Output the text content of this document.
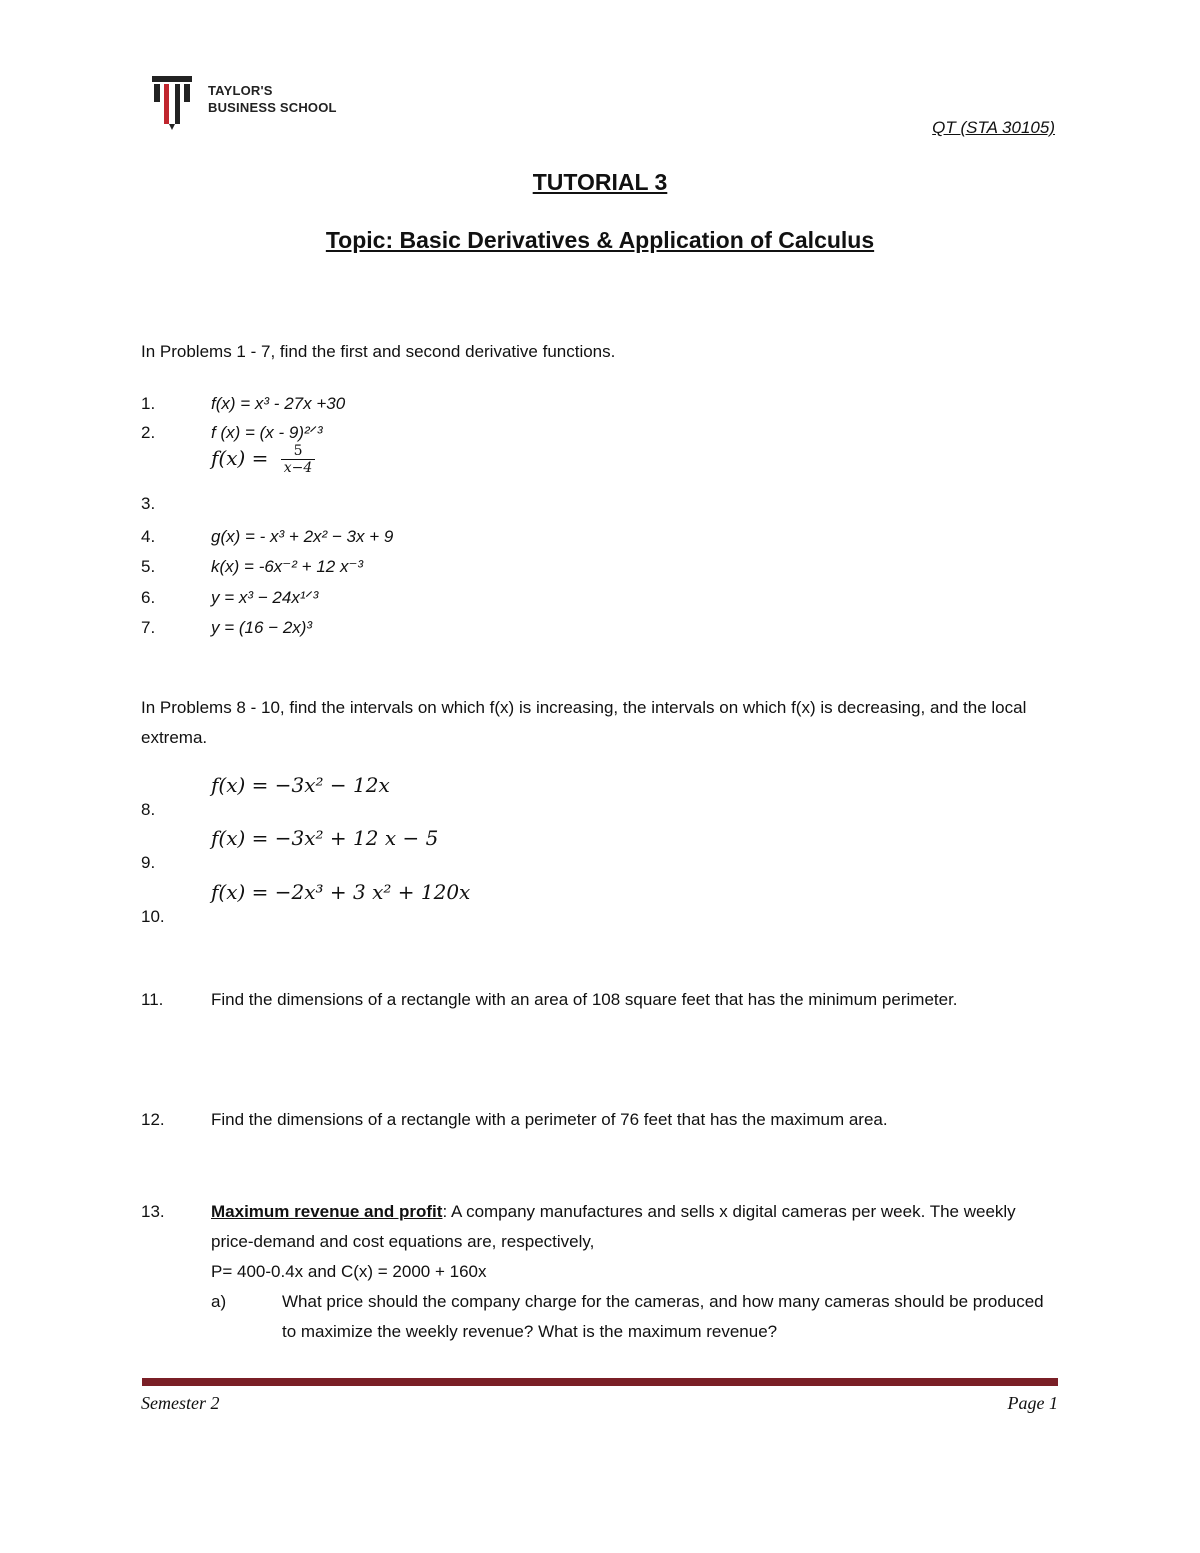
TAYLOR'S
BUSINESS SCHOOL
QT (STA 30105)
TUTORIAL 3
Topic: Basic Derivatives & Application of Calculus
In Problems 1 - 7, find the first and second derivative functions.
1.	f(x) = x³ - 27x +30
2.	f (x) = (x - 9)²ᐟ³
$f(x) = \frac{5}{x-4}$
3.
4.	g(x) = - x³ + 2x² − 3x + 9
5.	k(x) = -6x⁻² + 12 x⁻³
6.	y = x³ − 24x¹ᐟ³
7.	y = (16 − 2x)³
In Problems 8 - 10, find the intervals on which f(x) is increasing, the intervals on which f(x) is decreasing, and the local extrema.
f(x) = −3x² − 12x
8.
f(x) = −3x² + 12 x − 5
9.
f(x) = −2x³ + 3 x² + 120x
10.
11.	Find the dimensions of a rectangle with an area of 108 square feet that has the minimum perimeter.
12.	Find the dimensions of a rectangle with a perimeter of 76 feet that has the maximum area.
13.	Maximum revenue and profit: A company manufactures and sells x digital cameras per week. The weekly price-demand and cost equations are, respectively,
P= 400-0.4x and C(x) = 2000 + 160x
a)	What price should the company charge for the cameras, and how many cameras should be produced to maximize the weekly revenue? What is the maximum revenue?
Semester 2	Page 1
